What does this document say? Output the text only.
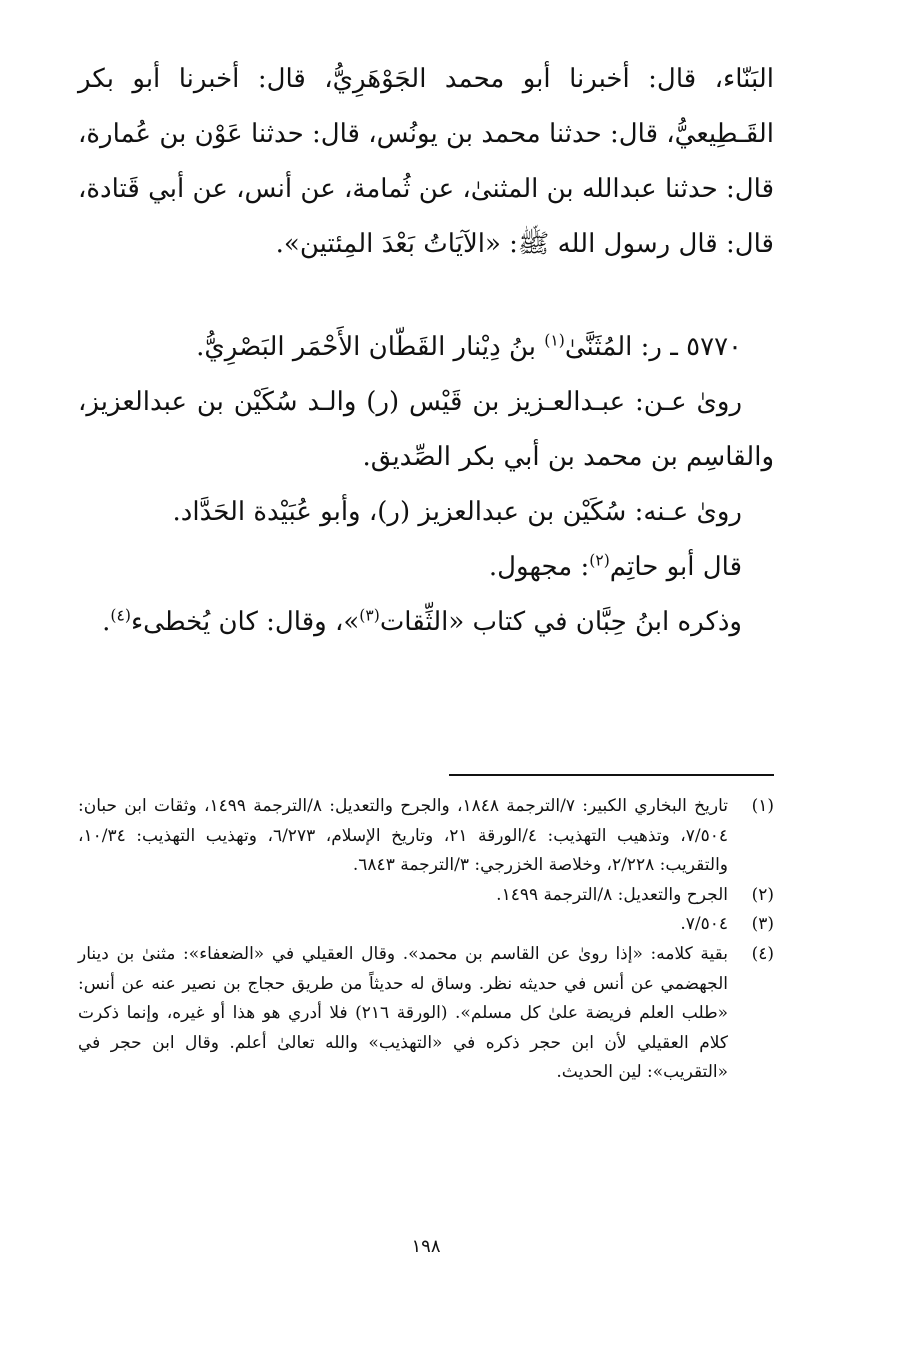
البَنّاء، قال: أخبرنا أبو محمد الجَوْهَرِيُّ، قال: أخبرنا أبو بكر القَـطِيعيُّ، قال: حدثنا محمد بن يونُس، قال: حدثنا عَوْن بن عُمارة، قال: حدثنا عبدالله بن المثنىٰ، عن ثُمامة، عن أنس، عن أبي قَتادة، قال: قال رسول الله ﷺ: «الآيَاتُ بَعْدَ المِئتين».

٥٧٧٠ ـ ر: المُثَنَّىٰ$^{(١)}$ بنُ دِيْنار القَطّان الأَحْمَر البَصْرِيُّ.

روىٰ عـن: عبـدالعـزيز بن قَيْس (ر) والـد سُكَيْن بن عبدالعزيز، والقاسِم بن محمد بن أبي بكر الصِّديق.

روىٰ عـنه: سُكَيْن بن عبدالعزيز (ر)، وأبو عُبَيْدة الحَدَّاد.

قال أبو حاتِم$^{(٢)}$: مجهول.

وذكره ابنُ حِبَّان في كتاب «الثِّقات$^{(٣)}$»، وقال: كان يُخطىء$^{(٤)}$.

(١)
تاريخ البخاري الكبير: ٧/الترجمة ١٨٤٨، والجرح والتعديل: ٨/الترجمة ١٤٩٩، وثقات ابن حبان: ٧/٥٠٤، وتذهيب التهذيب: ٤/الورقة ٢١، وتاريخ الإسلام، ٦/٢٧٣، وتهذيب التهذيب: ١٠/٣٤، والتقريب: ٢/٢٢٨، وخلاصة الخزرجي: ٣/الترجمة ٦٨٤٣.
(٢)
الجرح والتعديل: ٨/الترجمة ١٤٩٩.
(٣)
٧/٥٠٤.
(٤)
بقية كلامه: «إذا روىٰ عن القاسم بن محمد». وقال العقيلي في «الضعفاء»: مثنىٰ بن دينار الجهضمي عن أنس في حديثه نظر. وساق له حديثاً من طريق حجاج بن نصير عنه عن أنس: «طلب العلم فريضة علىٰ كل مسلم». (الورقة ٢١٦) فلا أدري هو هذا أو غيره، وإنما ذكرت كلام العقيلي لأن ابن حجر ذكره في «التهذيب» والله تعالىٰ أعلم. وقال ابن حجر في «التقريب»: لين الحديث.
١٩٨
